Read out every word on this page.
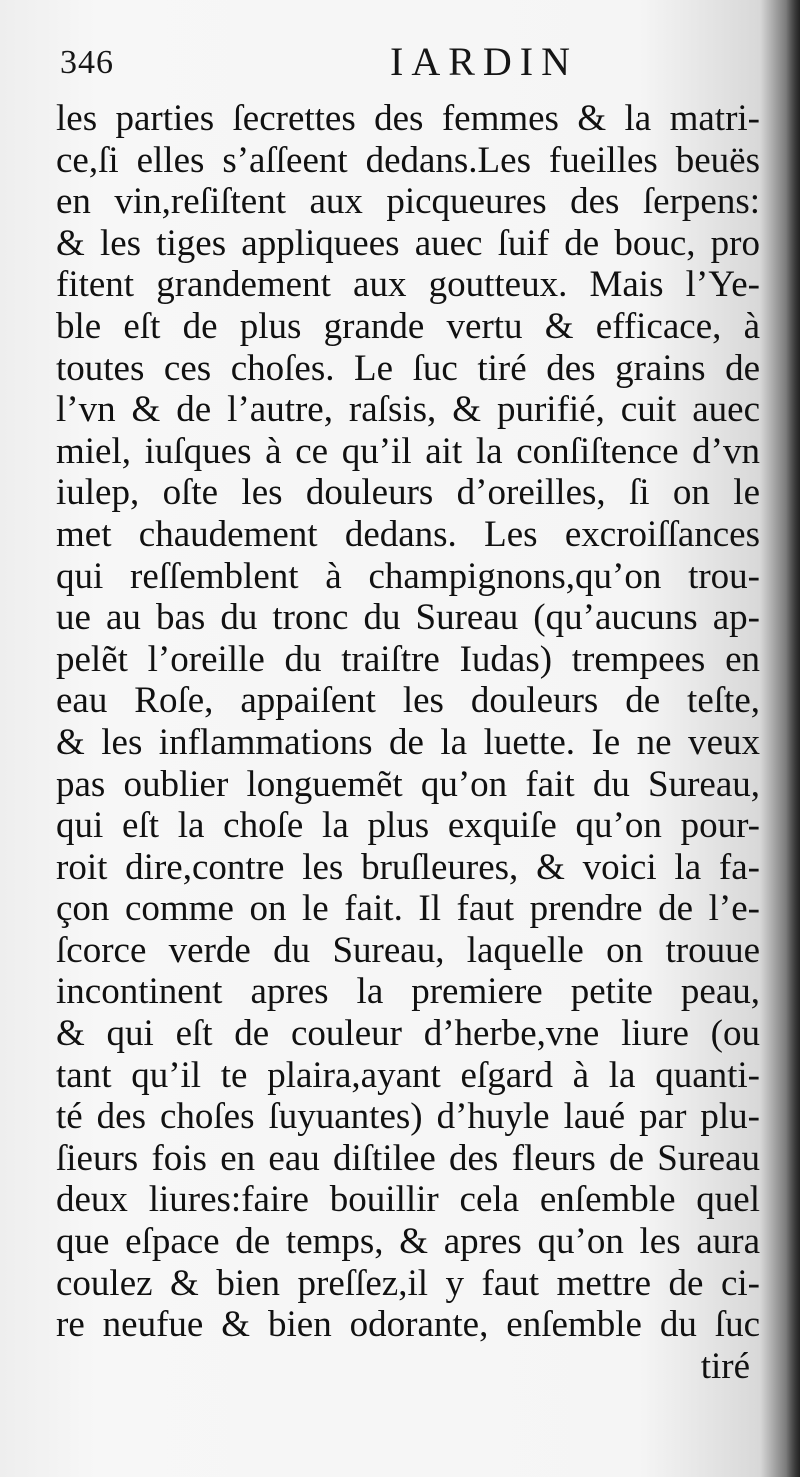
346	IARDIN
les parties ſecrettes des femmes & la matri-
ce,ſi elles s’aſſeent dedans.Les fueilles beuës
en vin,reſiſtent aux picqueures des ſerpens:
& les tiges appliquees auec ſuif de bouc, pro
fitent grandement aux goutteux. Mais l’Ye-
ble eſt de plus grande vertu & efficace, à
toutes ces choſes. Le ſuc tiré des grains de
l’vn & de l’autre, raſsis, & purifié, cuit auec
miel, iuſques à ce qu’il ait la conſiſtence d’vn
iulep, oſte les douleurs d’oreilles, ſi on le
met chaudement dedans. Les excroiſſances
qui reſſemblent à champignons,qu’on trou-
ue au bas du tronc du Sureau (qu’aucuns ap-
pelẽt l’oreille du traiſtre Iudas) trempees en
eau Roſe, appaiſent les douleurs de teſte,
& les inflammations de la luette. Ie ne veux
pas oublier longuemẽt qu’on fait du Sureau,
qui eſt la choſe la plus exquiſe qu’on pour-
roit dire,contre les bruſleures, & voici la fa-
çon comme on le fait. Il faut prendre de l’e-
ſcorce verde du Sureau, laquelle on trouue
incontinent apres la premiere petite peau,
& qui eſt de couleur d’herbe,vne liure (ou
tant qu’il te plaira,ayant eſgard à la quanti-
té des choſes ſuyuantes) d’huyle laué par plu-
ſieurs fois en eau diſtilee des fleurs de Sureau
deux liures:faire bouillir cela enſemble quel
que eſpace de temps, & apres qu’on les aura
coulez & bien preſſez,il y faut mettre de ci-
re neufue & bien odorante, enſemble du ſuc
tiré
